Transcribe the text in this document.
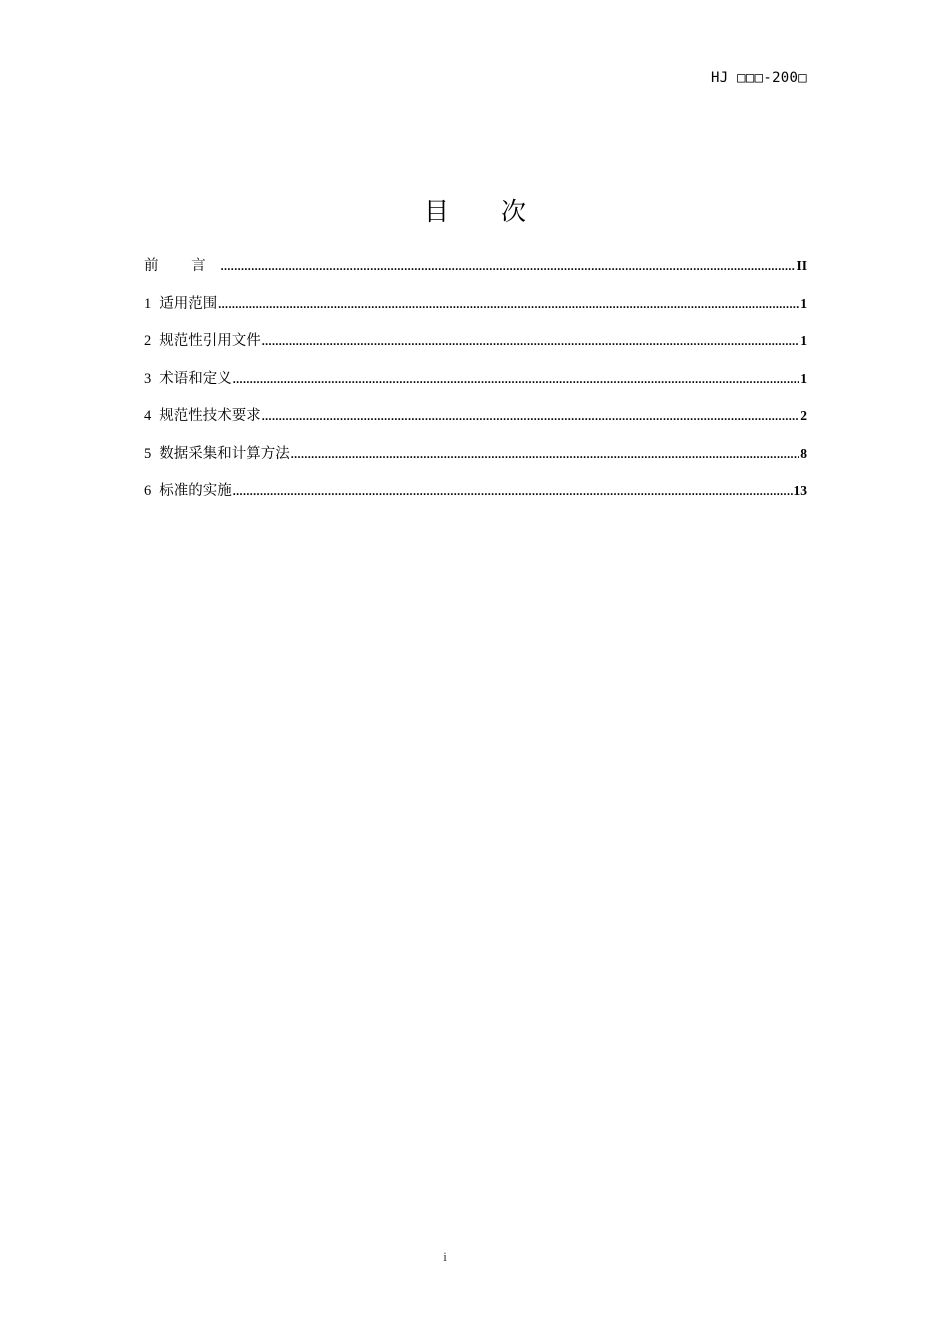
HJ □□□-200□
目 次
前 言 .....	II
1 适用范围 .....	1
2 规范性引用文件 .....	1
3 术语和定义 .....	1
4 规范性技术要求 .....	2
5 数据采集和计算方法 .....	8
6 标准的实施 .....	13
i
